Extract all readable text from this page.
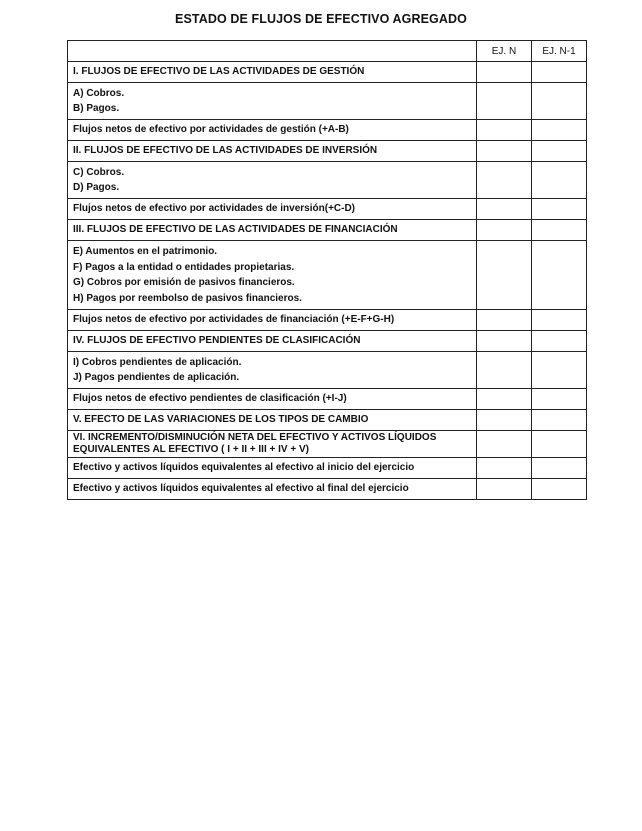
ESTADO DE FLUJOS DE EFECTIVO AGREGADO
	EJ. N	EJ. N-1

I. FLUJOS DE EFECTIVO DE LAS ACTIVIDADES DE GESTIÓN		

A) Cobros.
B) Pagos.		

Flujos netos de efectivo por actividades de gestión (+A-B)		

II. FLUJOS DE EFECTIVO DE LAS ACTIVIDADES DE INVERSIÓN		

C) Cobros.
D) Pagos.		

Flujos netos de efectivo por actividades de inversión(+C-D)		

III. FLUJOS DE EFECTIVO DE LAS ACTIVIDADES DE FINANCIACIÓN		

E) Aumentos en el patrimonio.
F) Pagos a la entidad o entidades propietarias.
G) Cobros por emisión de pasivos financieros.
H) Pagos por reembolso de pasivos financieros.		

Flujos netos de efectivo por actividades de financiación (+E-F+G-H)		

IV. FLUJOS DE EFECTIVO PENDIENTES DE CLASIFICACIÓN		

I) Cobros pendientes de aplicación.
J) Pagos pendientes de aplicación.		

Flujos netos de efectivo pendientes de clasificación (+I-J)		

V. EFECTO DE LAS VARIACIONES DE LOS TIPOS DE CAMBIO		

VI. INCREMENTO/DISMINUCIÓN NETA DEL EFECTIVO Y ACTIVOS LÍQUIDOS EQUIVALENTES AL EFECTIVO ( I + II + III + IV + V)		

Efectivo y activos líquidos equivalentes al efectivo al inicio del ejercicio		

Efectivo y activos líquidos equivalentes al efectivo al final del ejercicio		
